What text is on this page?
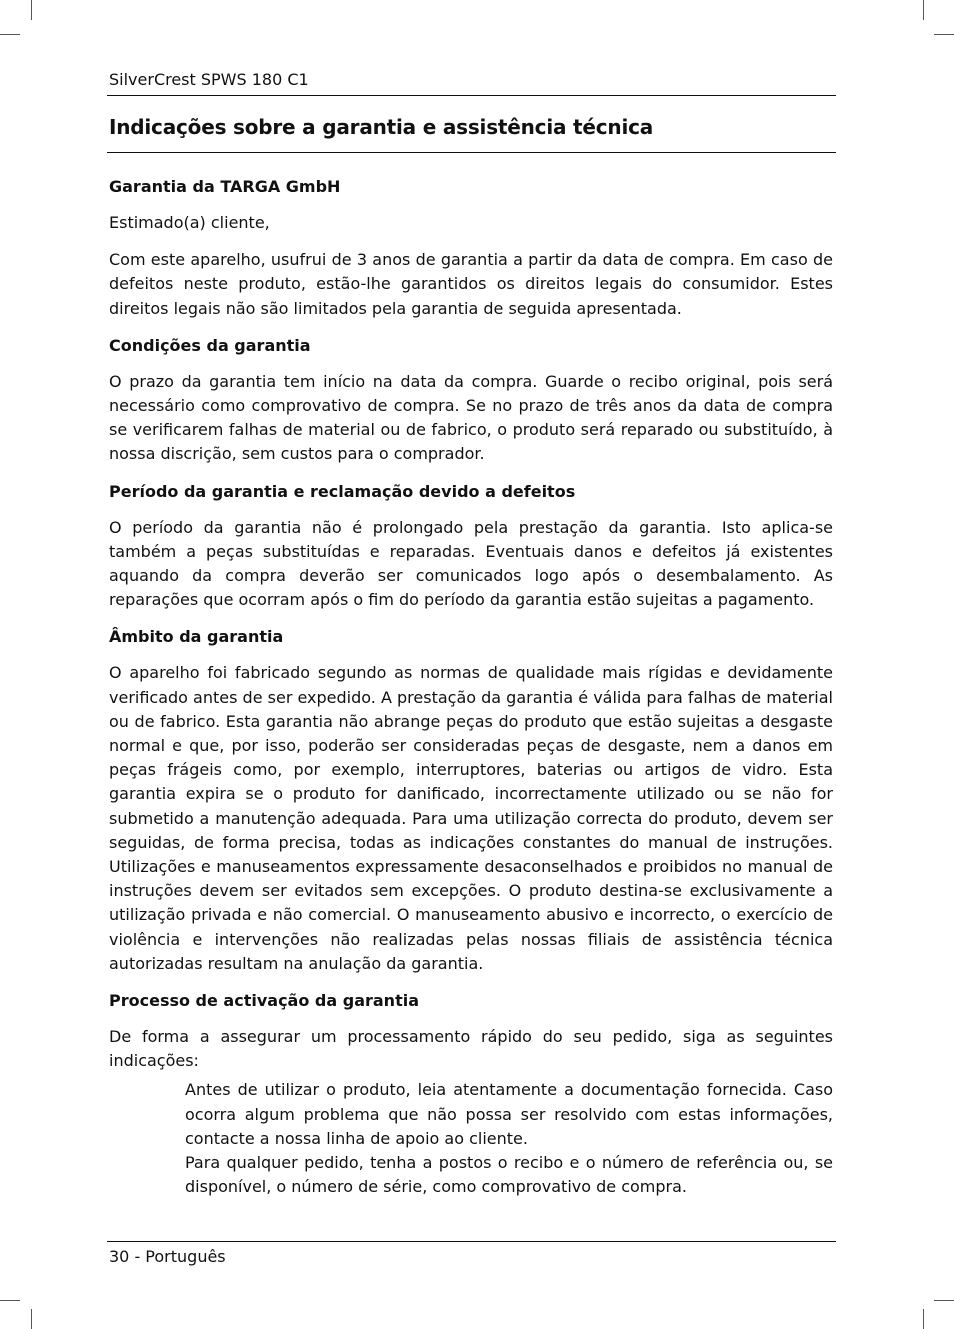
SilverCrest SPWS 180 C1
Indicações sobre a garantia e assistência técnica
Garantia da TARGA GmbH

Estimado(a) cliente,

Com este aparelho, usufrui de 3 anos de garantia a partir da data de compra. Em caso de defeitos neste produto, estão-lhe garantidos os direitos legais do consumidor. Estes direitos legais não são limitados pela garantia de seguida apresentada.

Condições da garantia

O prazo da garantia tem início na data da compra. Guarde o recibo original, pois será necessário como comprovativo de compra. Se no prazo de três anos da data de compra se verificarem falhas de material ou de fabrico, o produto será reparado ou substituído, à nossa discrição, sem custos para o comprador.

Período da garantia e reclamação devido a defeitos

O período da garantia não é prolongado pela prestação da garantia. Isto aplica-se também a peças substituídas e reparadas. Eventuais danos e defeitos já existentes aquando da compra deverão ser comunicados logo após o desembalamento. As reparações que ocorram após o fim do período da garantia estão sujeitas a pagamento.

Âmbito da garantia

O aparelho foi fabricado segundo as normas de qualidade mais rígidas e devidamente verificado antes de ser expedido. A prestação da garantia é válida para falhas de material ou de fabrico. Esta garantia não abrange peças do produto que estão sujeitas a desgaste normal e que, por isso, poderão ser consideradas peças de desgaste, nem a danos em peças frágeis como, por exemplo, interruptores, baterias ou artigos de vidro. Esta garantia expira se o produto for danificado, incorrectamente utilizado ou se não for submetido a manutenção adequada. Para uma utilização correcta do produto, devem ser seguidas, de forma precisa, todas as indicações constantes do manual de instruções. Utilizações e manuseamentos expressamente desaconselhados e proibidos no manual de instruções devem ser evitados sem excepções. O produto destina-se exclusivamente a utilização privada e não comercial. O manuseamento abusivo e incorrecto, o exercício de violência e intervenções não realizadas pelas nossas filiais de assistência técnica autorizadas resultam na anulação da garantia.

Processo de activação da garantia

De forma a assegurar um processamento rápido do seu pedido, siga as seguintes indicações:

Antes de utilizar o produto, leia atentamente a documentação fornecida. Caso ocorra algum problema que não possa ser resolvido com estas informações, contacte a nossa linha de apoio ao cliente.
Para qualquer pedido, tenha a postos o recibo e o número de referência ou, se disponível, o número de série, como comprovativo de compra.
30 - Português
